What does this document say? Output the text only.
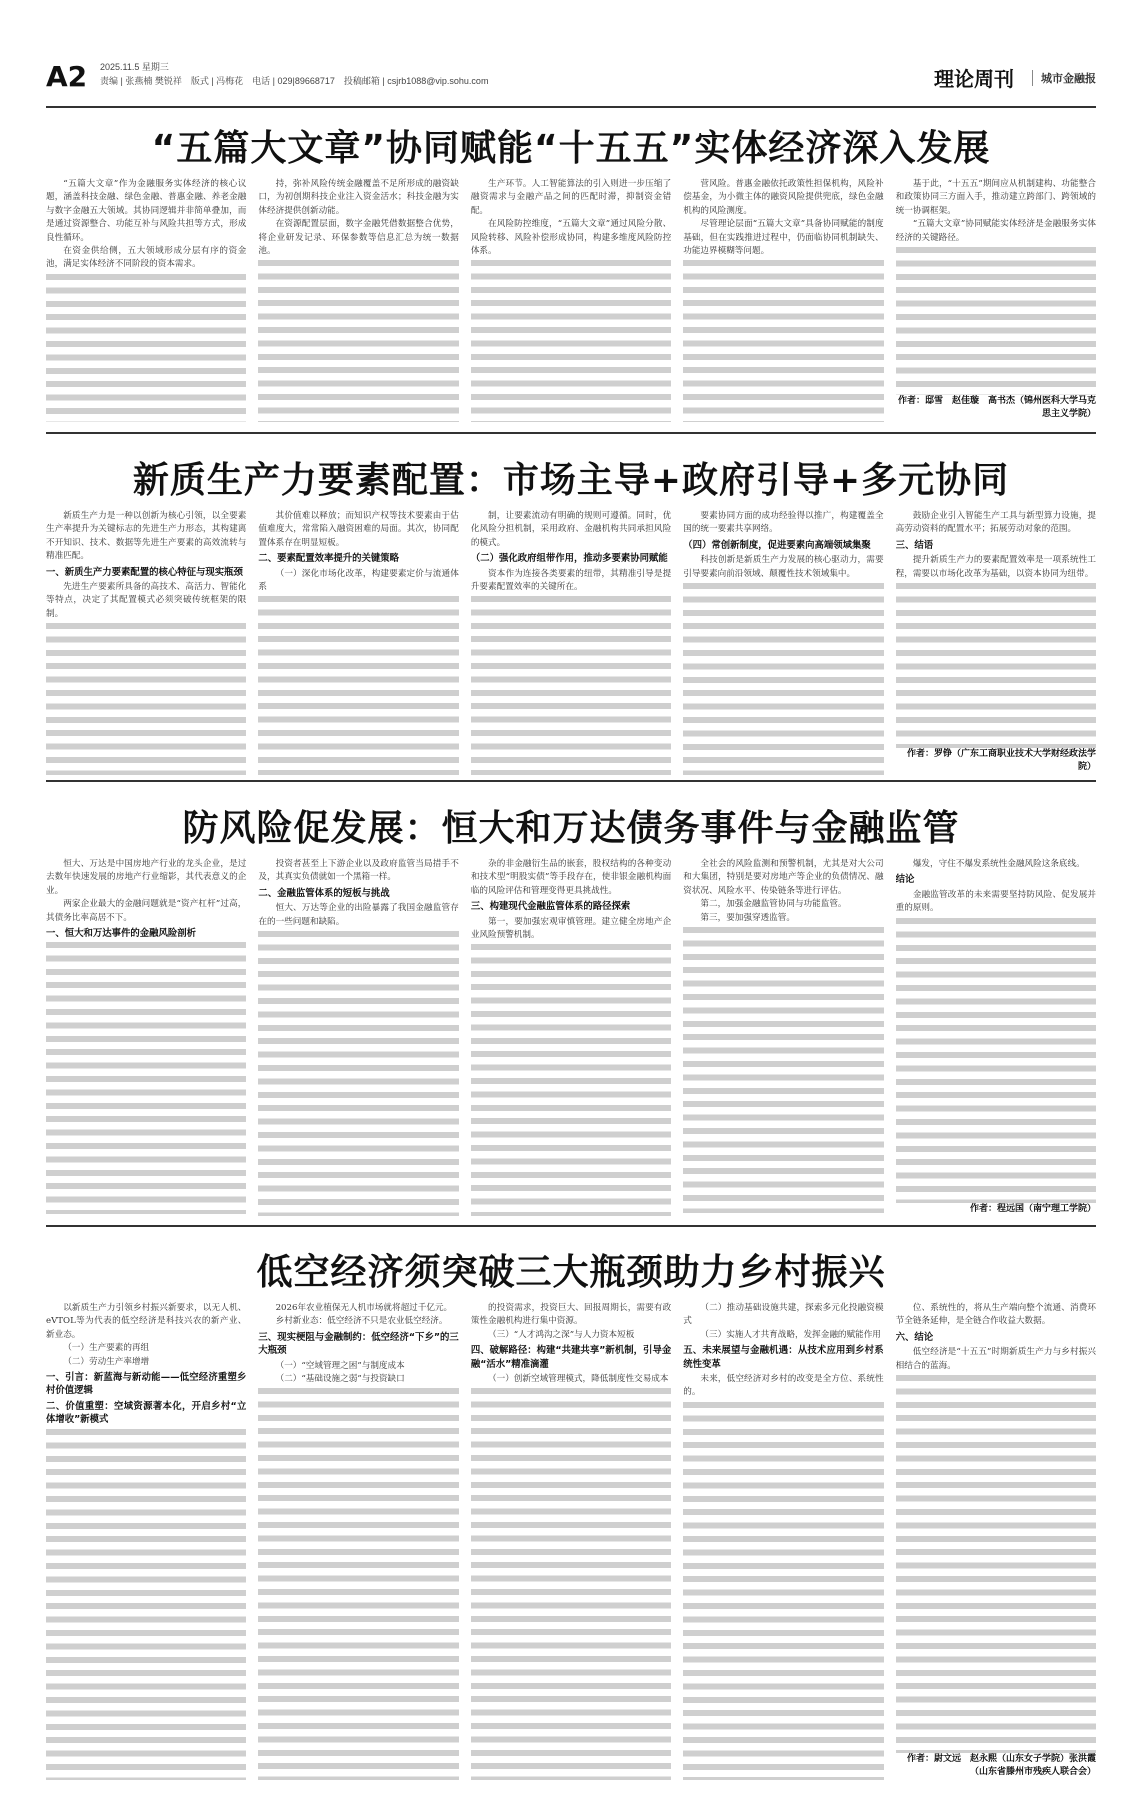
A2 2025.11.5 星期三
责编 | 张燕楠 樊锐祥　版式 | 冯梅花　电话 | 029|89668717　投稿邮箱 | csjrb1088@vip.sohu.com	理论周刊	城市金融报
“五篇大文章”协同赋能“十五五”实体经济深入发展

“五篇大文章”作为金融服务实体经济的核心议题，涵盖科技金融、绿色金融、普惠金融、养老金融与数字金融五大领域。其协同逻辑并非简单叠加，而是通过资源整合、功能互补与风险共担等方式，形成良性循环。

在资金供给侧，五大领域形成分层有序的资金池，满足实体经济不同阶段的资本需求。

持，弥补风险传统金融覆盖不足所形成的融资缺口，为初创期科技企业注入资金活水；科技金融为实体经济提供创新动能。

在资源配置层面，数字金融凭借数据整合优势，将企业研发记录、环保参数等信息汇总为统一数据池。

生产环节。人工智能算法的引入则进一步压缩了融资需求与金融产品之间的匹配时滞，抑制资金错配。

在风险防控维度，“五篇大文章”通过风险分散、风险转移、风险补偿形成协同，构建多维度风险防控体系。

营风险。普惠金融依托政策性担保机构，风险补偿基金，为小微主体的融资风险提供兜底，绿色金融机构的风险测度。

尽管理论层面“五篇大文章”具备协同赋能的制度基础，但在实践推进过程中，仍面临协同机制缺失、功能边界模糊等问题。

基于此，“十五五”期间应从机制建构、功能整合和政策协同三方面入手，推动建立跨部门、跨领域的统一协调框架。

“五篇大文章”协同赋能实体经济是金融服务实体经济的关键路径。

作者：邸雪　赵佳璇　高书杰（锦州医科大学马克思主义学院）

新质生产力要素配置：市场主导+政府引导+多元协同

新质生产力是一种以创新为核心引领，以全要素生产率提升为关键标志的先进生产力形态，其构建离不开知识、技术、数据等先进生产要素的高效流转与精准匹配。

一、新质生产力要素配置的核心特征与现实瓶颈

先进生产要素所具备的高技术、高活力、智能化等特点，决定了其配置模式必须突破传统框架的限制。

其价值难以释放；而知识产权等技术要素由于估值难度大，常常陷入融资困难的局面。其次，协同配置体系存在明显短板。

二、要素配置效率提升的关键策略

（一）深化市场化改革，构建要素定价与流通体系

制，让要素流动有明确的规则可遵循。同时，优化风险分担机制，采用政府、金融机构共同承担风险的模式。

（二）强化政府组带作用，推动多要素协同赋能

资本作为连接各类要素的纽带，其精准引导是提升要素配置效率的关键所在。

要素协同方面的成功经验得以推广，构建覆盖全国的统一要素共享网络。

（四）常创新制度，促进要素向高端领域集聚

科技创新是新质生产力发展的核心驱动力，需要引导要素向前沿领域、颠覆性技术领域集中。

鼓励企业引入智能生产工具与新型算力设施，提高劳动资料的配置水平；拓展劳动对象的范围。

三、结语

提升新质生产力的要素配置效率是一项系统性工程，需要以市场化改革为基础，以资本协同为纽带。

作者：罗铮（广东工商职业技术大学财经政法学院）

防风险促发展：恒大和万达债务事件与金融监管

恒大、万达是中国房地产行业的龙头企业，是过去数年快速发展的房地产行业缩影，其代表意义的企业。

两家企业最大的金融问题就是“资产杠杆”过高，其债务比率高居不下。

一、恒大和万达事件的金融风险剖析

投资者甚至上下游企业以及政府监管当局措手不及，其真实负债就如一个黑箱一样。

二、金融监管体系的短板与挑战

恒大、万达等企业的出险暴露了我国金融监管存在的一些问题和缺陷。

杂的非金融衍生品的嵌套，股权结构的各种变动和技术型“明股实债”等手段存在，使非银金融机构面临的风险评估和管理变得更具挑战性。

三、构建现代金融监管体系的路径探索

第一，要加强宏观审慎管理。建立健全房地产企业风险预警机制。

全社会的风险监测和预警机制，尤其是对大公司和大集团，特别是要对房地产等企业的负债情况、融资状况、风险水平、传染链条等进行评估。

第二，加强金融监管协同与功能监管。

第三，要加强穿透监管。

爆发，守住不爆发系统性金融风险这条底线。

结论

金融监管改革的未来需要坚持防风险、促发展并重的原则。

作者：程远国（南宁理工学院）

低空经济须突破三大瓶颈助力乡村振兴

以新质生产力引领乡村振兴新要求，以无人机、eVTOL等为代表的低空经济是科技兴农的新产业、新业态。

（一）生产要素的再组

（二）劳动生产率增增

一、引言：新蓝海与新动能——低空经济重塑乡村价值逻辑
二、价值重塑：空域资源著本化，开启乡村“立体增收”新模式

2026年农业植保无人机市场就将超过千亿元。

乡村新业态：低空经济不只是农业低空经济。

三、现实梗阻与金融制约：低空经济“下乡”的三大瓶颈

（一）“空域管理之困”与制度成本

（二）“基础设施之弱”与投资缺口

的投资需求，投资巨大、回报周期长，需要有政策性金融机构进行集中资源。

（三）“人才鸿沟之深”与人力资本短板

四、破解路径：构建“共建共享”新机制，引导金融“活水”精准滴灌

（一）创新空域管理模式，降低制度性交易成本

（二）推动基础设施共建，探索多元化投融资模式

（三）实施人才共育战略，发挥金融的赋能作用

五、未来展望与金融机遇：从技术应用到乡村系统性变革

未来，低空经济对乡村的改变是全方位、系统性的。

位、系统性的，将从生产端向整个流通、消费环节全链条延伸，是全链合作收益大数据。

六、结论

低空经济是“十五五”时期新质生产力与乡村振兴相结合的蓝海。

作者：尉文远　赵永熙（山东女子学院）张洪霞（山东省滕州市残疾人联合会）
